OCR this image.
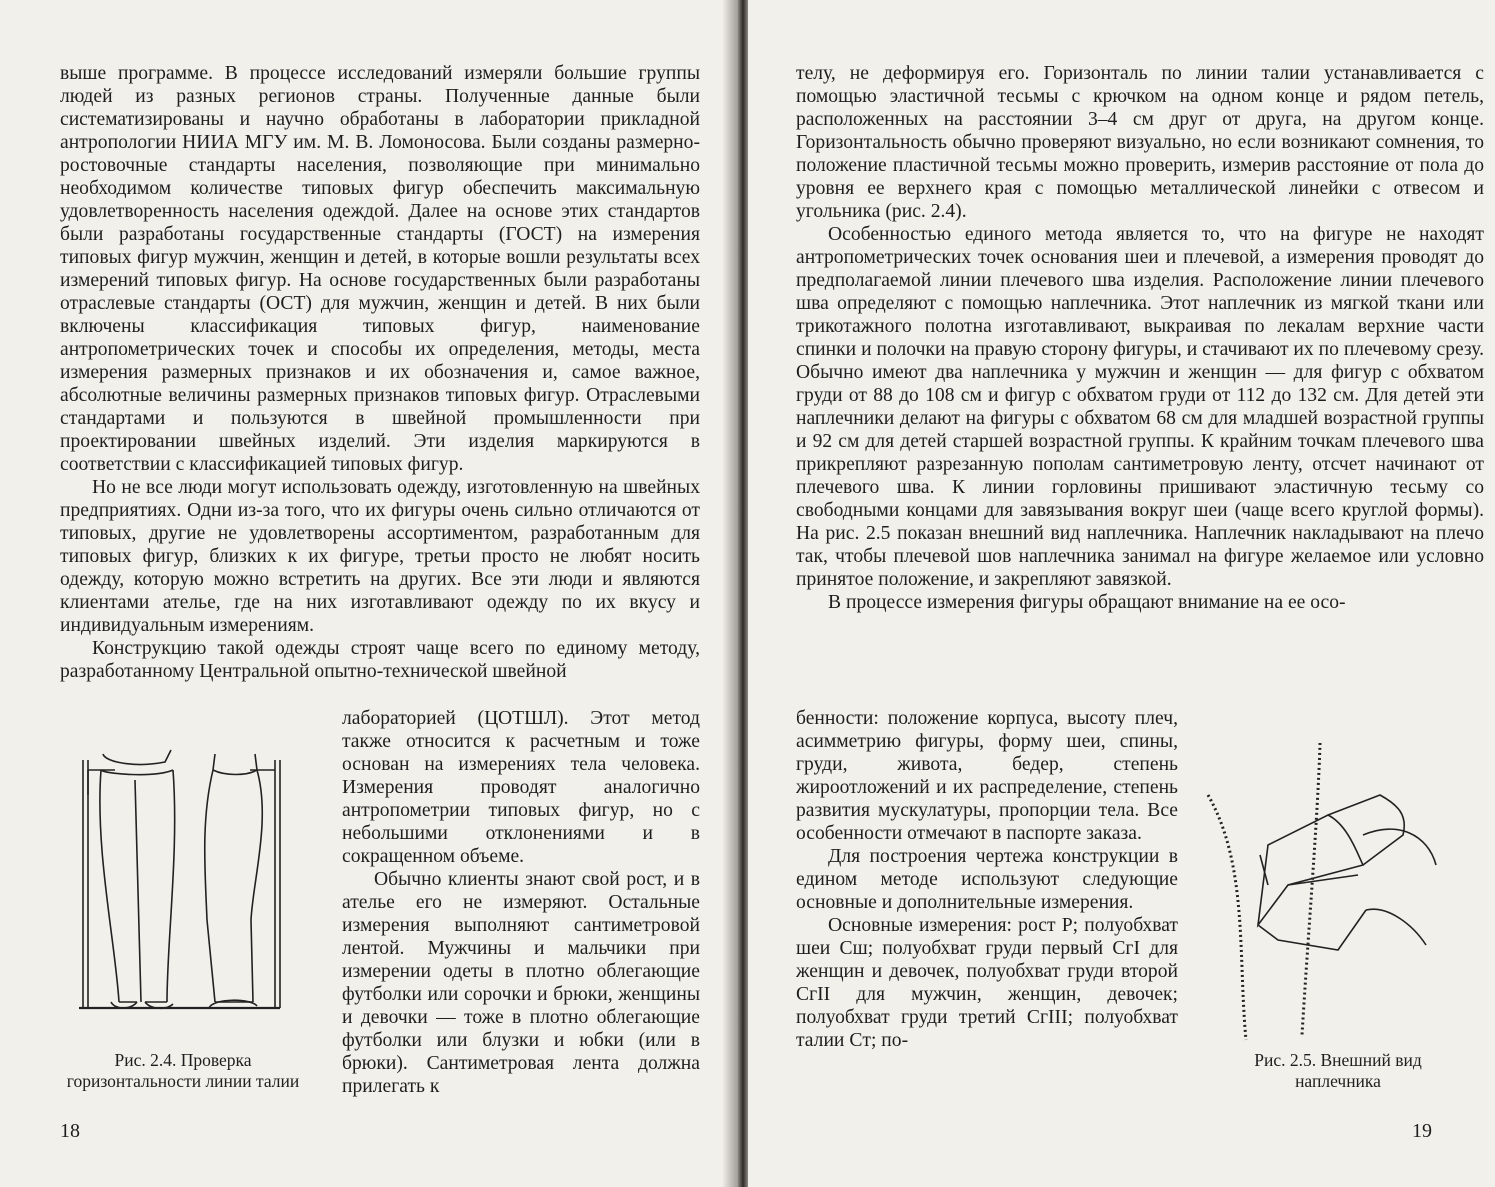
выше программе. В процессе исследований измеряли большие группы людей из разных регионов страны. Полученные данные были систематизированы и научно обработаны в лаборатории прикладной антропологии НИИА МГУ им. М. В. Ломоносова. Были созданы размерно-ростовочные стандарты населения, позволяющие при минимально необходимом количестве типовых фигур обеспечить максимальную удовлетворенность населения одеждой. Далее на основе этих стандартов были разработаны государственные стандарты (ГОСТ) на измерения типовых фигур мужчин, женщин и детей, в которые вошли результаты всех измерений типовых фигур. На основе государственных были разработаны отраслевые стандарты (ОСТ) для мужчин, женщин и детей. В них были включены классификация типовых фигур, наименование антропометрических точек и способы их определения, методы, места измерения размерных признаков и их обозначения и, самое важное, абсолютные величины размерных признаков типовых фигур. Отраслевыми стандартами и пользуются в швейной промышленности при проектировании швейных изделий. Эти изделия маркируются в соответствии с классификацией типовых фигур.

Но не все люди могут использовать одежду, изготовленную на швейных предприятиях. Одни из-за того, что их фигуры очень сильно отличаются от типовых, другие не удовлетворены ассортиментом, разработанным для типовых фигур, близких к их фигуре, третьи просто не любят носить одежду, которую можно встретить на других. Все эти люди и являются клиентами ателье, где на них изготавливают одежду по их вкусу и индивидуальным измерениям.

Конструкцию такой одежды строят чаще всего по единому методу, разработанному Центральной опытно-технической швейной

лабораторией (ЦОТШЛ). Этот метод также относится к расчетным и тоже основан на измерениях тела человека. Измерения проводят аналогично антропометрии типовых фигур, но с небольшими отклонениями и в сокращенном объеме.

Обычно клиенты знают свой рост, и в ателье его не измеряют. Остальные измерения выполняют сантиметровой лентой. Мужчины и мальчики при измерении одеты в плотно облегающие футболки или сорочки и брюки, женщины и девочки — тоже в плотно облегающие футболки или блузки и юбки (или в брюки). Сантиметровая лента должна прилегать к

Рис. 2.4. Проверка горизонтальности линии талии
18

телу, не деформируя его. Горизонталь по линии талии устанавливается с помощью эластичной тесьмы с крючком на одном конце и рядом петель, расположенных на расстоянии 3–4 см друг от друга, на другом конце. Горизонтальность обычно проверяют визуально, но если возникают сомнения, то положение пластичной тесьмы можно проверить, измерив расстояние от пола до уровня ее верхнего края с помощью металлической линейки с отвесом и угольника (рис. 2.4).

Особенностью единого метода является то, что на фигуре не находят антропометрических точек основания шеи и плечевой, а измерения проводят до предполагаемой линии плечевого шва изделия. Расположение линии плечевого шва определяют с помощью наплечника. Этот наплечник из мягкой ткани или трикотажного полотна изготавливают, выкраивая по лекалам верхние части спинки и полочки на правую сторону фигуры, и стачивают их по плечевому срезу. Обычно имеют два наплечника у мужчин и женщин — для фигур с обхватом груди от 88 до 108 см и фигур с обхватом груди от 112 до 132 см. Для детей эти наплечники делают на фигуры с обхватом 68 см для младшей возрастной группы и 92 см для детей старшей возрастной группы. К крайним точкам плечевого шва прикрепляют разрезанную пополам сантиметровую ленту, отсчет начинают от плечевого шва. К линии горловины пришивают эластичную тесьму со свободными концами для завязывания вокруг шеи (чаще всего круглой формы). На рис. 2.5 показан внешний вид наплечника. Наплечник накладывают на плечо так, чтобы плечевой шов наплечника занимал на фигуре желаемое или условно принятое положение, и закрепляют завязкой.

В процессе измерения фигуры обращают внимание на ее осо-

бенности: положение корпуса, высоту плеч, асимметрию фигуры, форму шеи, спины, груди, живота, бедер, степень жироотложений и их распределение, степень развития мускулатуры, пропорции тела. Все особенности отмечают в паспорте заказа.

Для построения чертежа конструкции в едином методе используют следующие основные и дополнительные измерения.

Основные измерения: рост P; полуобхват шеи Cш; полуобхват груди первый CгI для женщин и девочек, полуобхват груди второй CгII для мужчин, женщин, девочек; полуобхват груди третий CгIII; полуобхват талии Cт; по-

Рис. 2.5. Внешний вид наплечника
19
